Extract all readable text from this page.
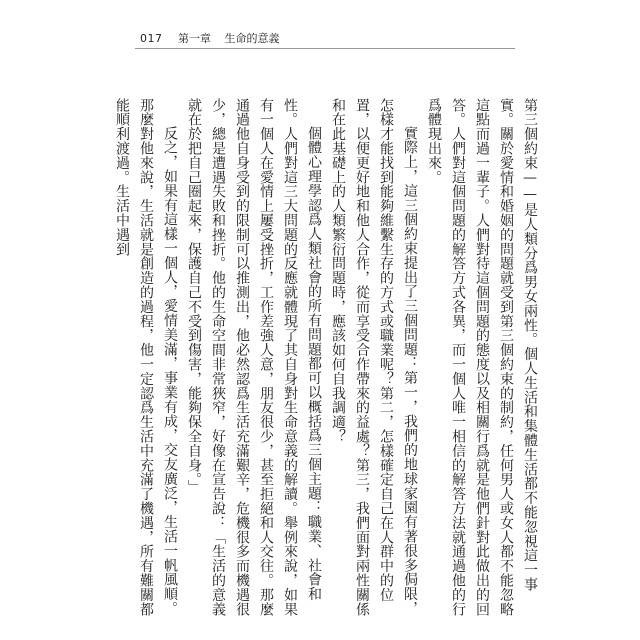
017 第一章 生命的意義

第三個約束——是人類分爲男女兩性。個人生活和集體生活都不能忽視這一事實。關於愛情和婚姻的問題就受到第三個約束的制約，任何男人或女人都不能忽略這點而過一輩子。人們對待這個問題的態度以及相關行爲就是他們針對此做出的回答。人們對這個問題的解答方式各異，而一個人唯一相信的解答方法就通過他的行爲體現出來。

實際上，這三個約束提出了三個問題：第一，我們的地球家園有著很多侷限，怎樣才能找到能夠維繫生存的方式或職業呢？第二，怎樣確定自己在人群中的位置，以便更好地和他人合作，從而享受合作帶來的益處？第三，我們面對兩性關係和在此基礎上的人類繁衍問題時，應該如何自我調適？

個體心理學認爲人類社會的所有問題都可以概括爲三個主題：職業、社會和性。人們對這三大問題的反應就體現了其自身對生命意義的解讀。舉例來說，如果有一個人在愛情上屢受挫折，工作差強人意，朋友很少，甚至拒絕和人交往。那麼通過他自身受到的限制可以推測出，他必然認爲生活充滿艱辛，危機很多而機遇很少，總是遭遇失敗和挫折。他的生命空間非常狹窄，好像在宣告說：「生活的意義就在於把自己圈起來，保護自己不受到傷害，能夠保全自身。」

反之，如果有這樣一個人，愛情美滿，事業有成，交友廣泛，生活一帆風順。那麼對他來說，生活就是創造的過程，他一定認爲生活中充滿了機遇，所有難關都能順利渡過。生活中遇到
